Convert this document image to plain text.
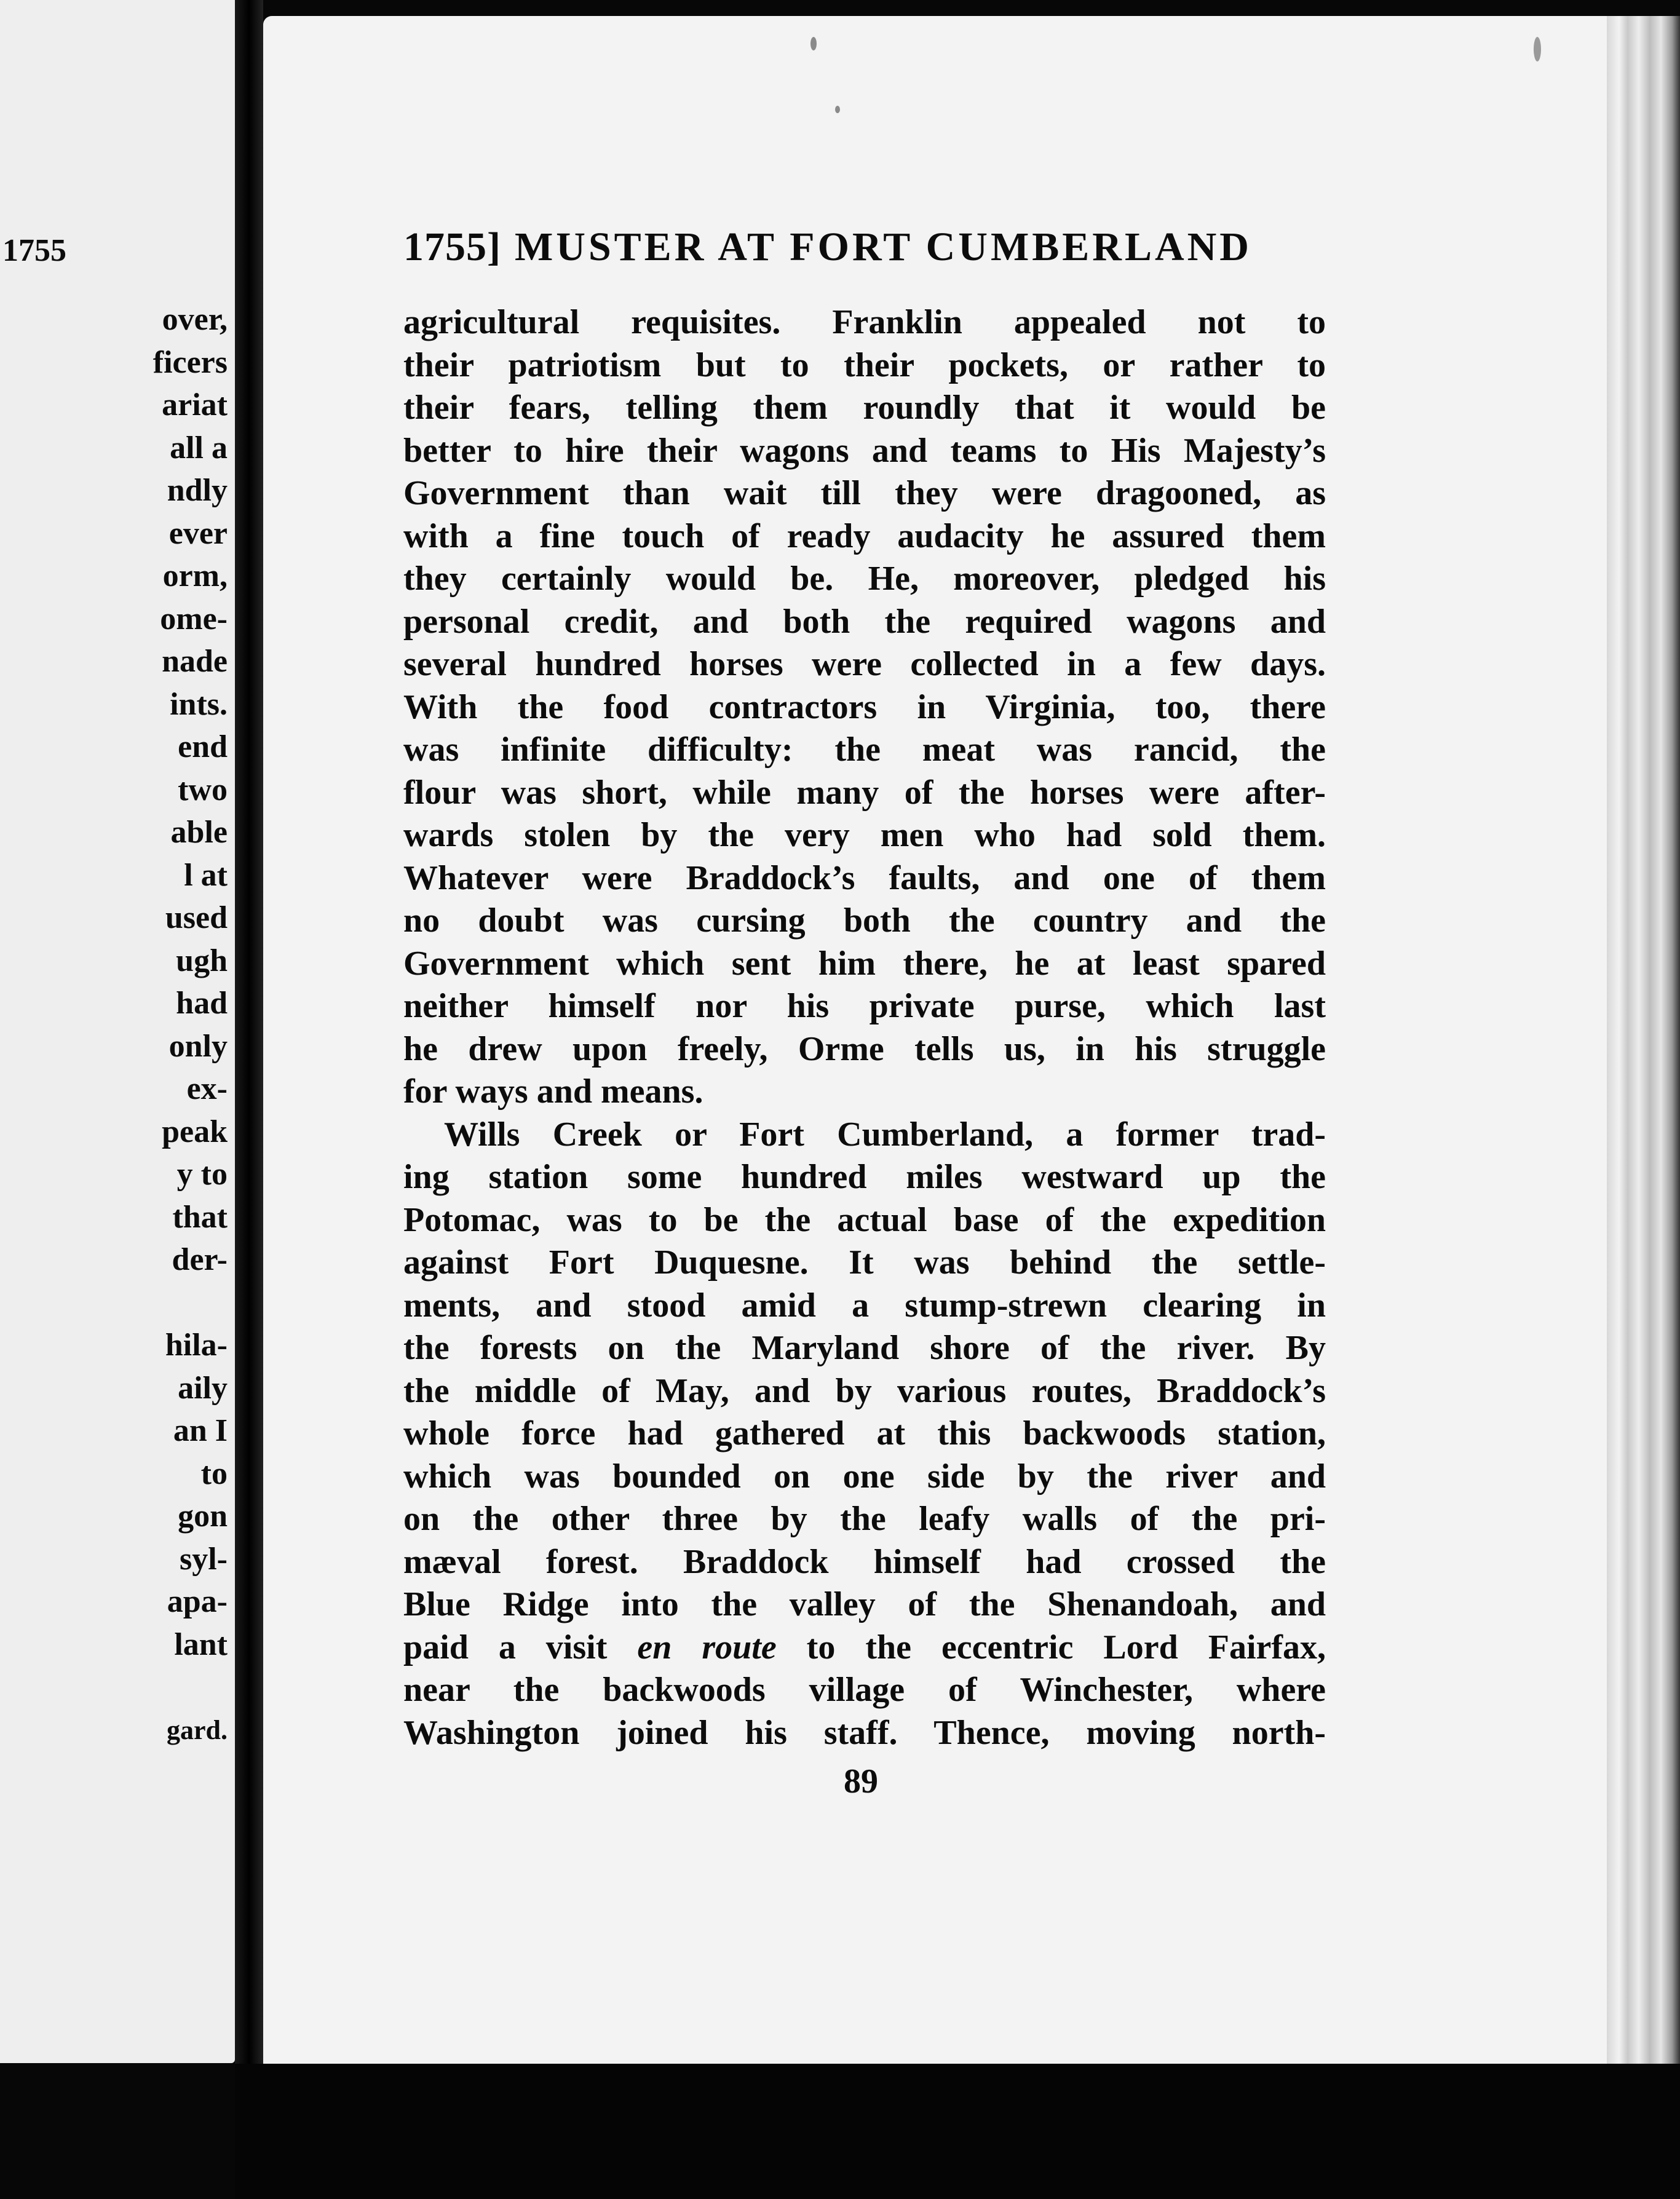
1755
over,
ficers
ariat
all a
ndly
ever
orm,
ome-
nade
ints.
end
two
able
l at
used
ugh
had
only
ex-
peak
y to
that
der-
hila-
aily
an I
to
gon
syl-
apa-
lant
gard.
1755] MUSTER AT FORT CUMBERLAND
agricultural requisites. Franklin appealed not to
their patriotism but to their pockets, or rather to
their fears, telling them roundly that it would be
better to hire their wagons and teams to His Majesty’s
Government than wait till they were dragooned, as
with a fine touch of ready audacity he assured them
they certainly would be. He, moreover, pledged his
personal credit, and both the required wagons and
several hundred horses were collected in a few days.
With the food contractors in Virginia, too, there
was infinite difficulty: the meat was rancid, the
flour was short, while many of the horses were after-
wards stolen by the very men who had sold them.
Whatever were Braddock’s faults, and one of them
no doubt was cursing both the country and the
Government which sent him there, he at least spared
neither himself nor his private purse, which last
he drew upon freely, Orme tells us, in his struggle
for ways and means.
Wills Creek or Fort Cumberland, a former trad-
ing station some hundred miles westward up the
Potomac, was to be the actual base of the expedition
against Fort Duquesne. It was behind the settle-
ments, and stood amid a stump-strewn clearing in
the forests on the Maryland shore of the river. By
the middle of May, and by various routes, Braddock’s
whole force had gathered at this backwoods station,
which was bounded on one side by the river and
on the other three by the leafy walls of the pri-
mæval forest. Braddock himself had crossed the
Blue Ridge into the valley of the Shenandoah, and
paid a visit en route to the eccentric Lord Fairfax,
near the backwoods village of Winchester, where
Washington joined his staff. Thence, moving north-
89
